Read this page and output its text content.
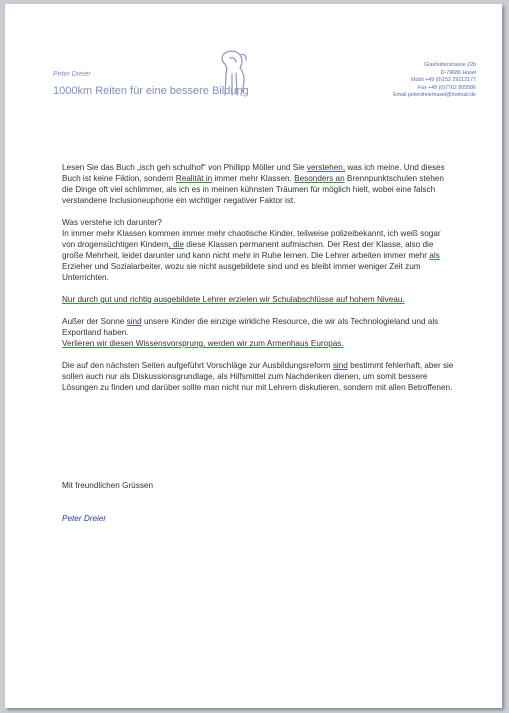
Peter Dreier
1000km Reiten für eine bessere Bildung
Glashütterstrasse 22b
D-79686 Hasel
Mobil +49 (0)152 29212177
Fax +49 (0)7762 805586
Email peterdreierhasel@hotmail.de

Lesen Sie das Buch „isch geh schulhof“ von Phillipp Möller und Sie verstehen, was ich meine. Und dieses Buch ist keine Fiktion, sondern Realität in immer mehr Klassen. Besonders an Brennpunktschulen stehen die Dinge oft viel schlimmer, als ich es in meinen kühnsten Träumen für möglich hielt, wobei eine falsch verstandene Inclusioneuphorie ein wichtiger negativer Faktor ist.

Was verstehe ich darunter?
In immer mehr Klassen kommen immer mehr chaotische Kinder, teilweise polizeibekannt, ich weiß sogar von drogensüchtigen Kindern, die diese Klassen permanent aufmischen. Der Rest der Klasse, also die große Mehrheit, leidet darunter und kann nicht mehr in Ruhe lernen. Die Lehrer arbeiten immer mehr als Erzieher und Sozialarbeiter, wozu sie nicht ausgebildete sind und es bleibt immer weniger Zeit zum Unterrichten.

Nur durch gut und richtig ausgebildete Lehrer erzielen wir Schulabschlüsse auf hohem Niveau.

Außer der Sonne sind unsere Kinder die einzige wirkliche Resource, die wir als Technologieland und als Exportland haben.
Verlieren wir diesen Wissensvorsprung, werden wir zum Armenhaus Europas.

Die auf den nächsten Seiten aufgeführt Vorschläge zur Ausbildungsreform sind bestimmt fehlerhaft, aber sie sollen auch nur als Diskussionsgrundlage, als Hilfsmittel zum Nachdenken dienen, um somit bessere Lösungen zu finden und darüber sollte man nicht nur mit Lehrern diskutieren, sondern mit allen Betroffenen.

Mit freundlichen Grüssen
Peter Dreier
